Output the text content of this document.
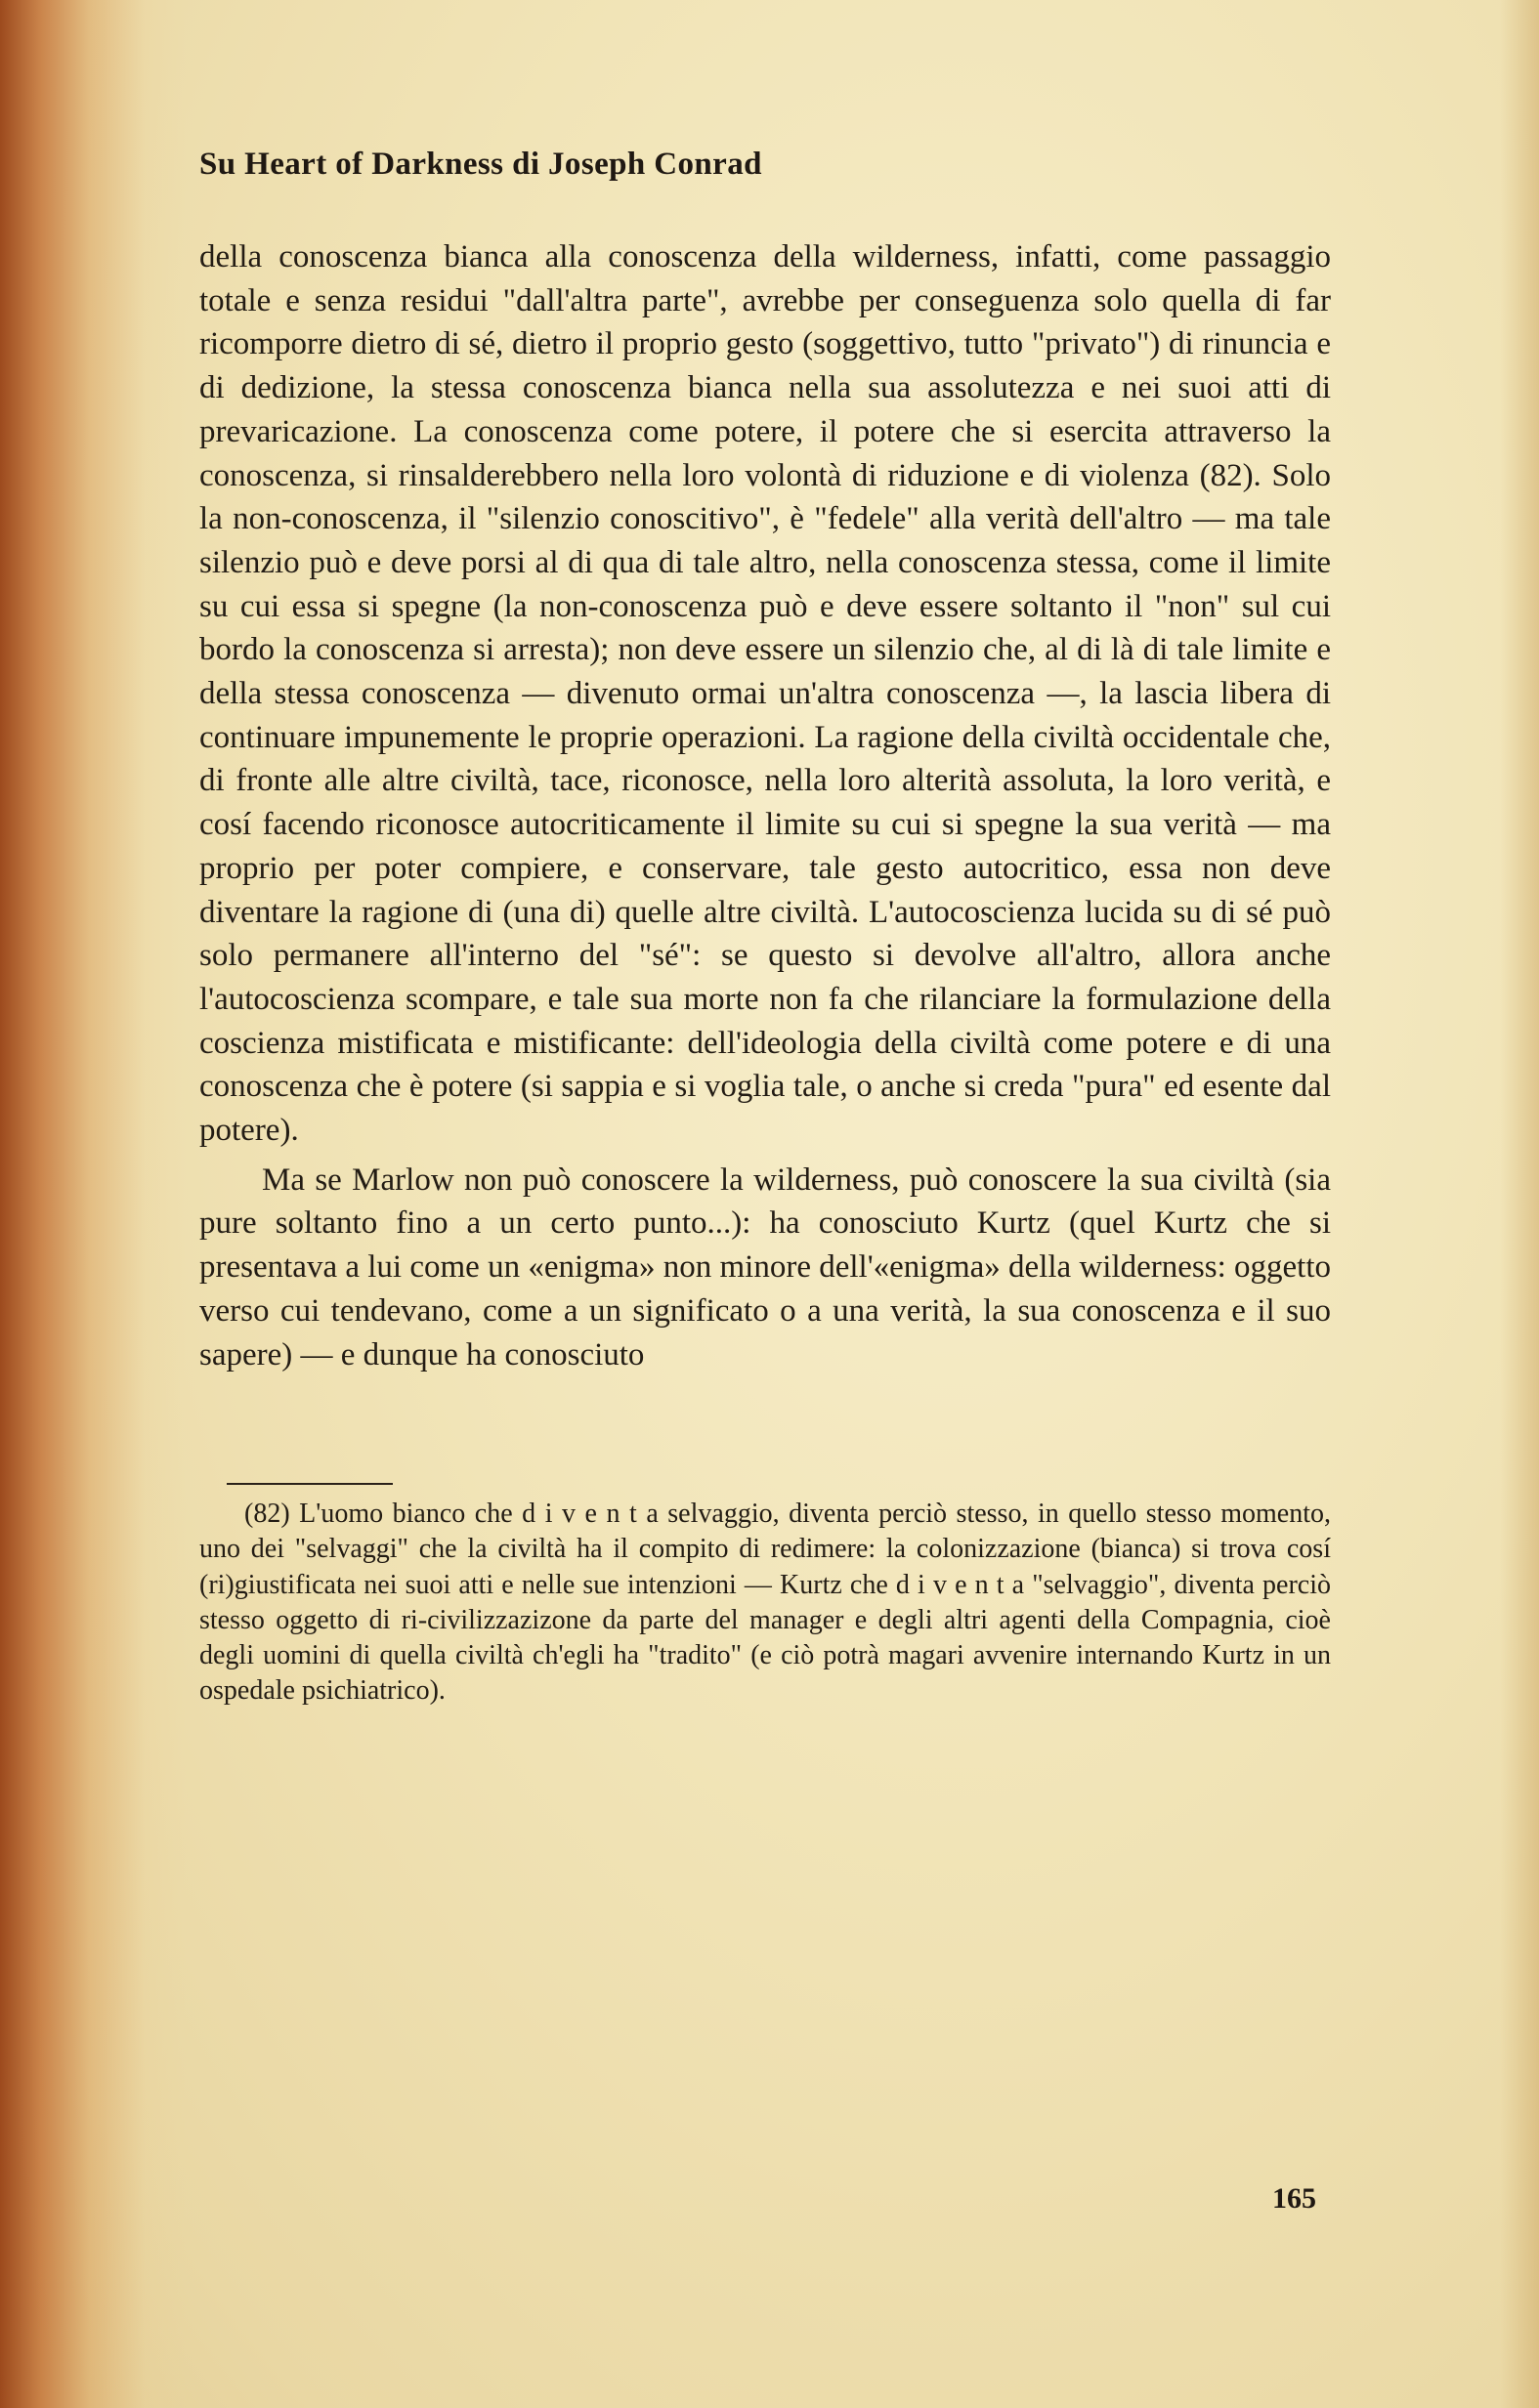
Su Heart of Darkness di Joseph Conrad

della conoscenza bianca alla conoscenza della wilderness, infatti, come passaggio totale e senza residui "dall'altra parte", avrebbe per conseguenza solo quella di far ricomporre dietro di sé, dietro il proprio gesto (soggettivo, tutto "privato") di rinuncia e di dedizione, la stessa conoscenza bianca nella sua assolutezza e nei suoi atti di prevaricazione. La conoscenza come potere, il potere che si esercita attraverso la conoscenza, si rinsalderebbero nella loro volontà di riduzione e di violenza (82). Solo la non-conoscenza, il "silenzio conoscitivo", è "fedele" alla verità dell'altro — ma tale silenzio può e deve porsi al di qua di tale altro, nella conoscenza stessa, come il limite su cui essa si spegne (la non-conoscenza può e deve essere soltanto il "non" sul cui bordo la conoscenza si arresta); non deve essere un silenzio che, al di là di tale limite e della stessa conoscenza — divenuto ormai un'altra conoscenza —, la lascia libera di continuare impunemente le proprie operazioni. La ragione della civiltà occidentale che, di fronte alle altre civiltà, tace, riconosce, nella loro alterità assoluta, la loro verità, e cosí facendo riconosce autocriticamente il limite su cui si spegne la sua verità — ma proprio per poter compiere, e conservare, tale gesto autocritico, essa non deve diventare la ragione di (una di) quelle altre civiltà. L'autocoscienza lucida su di sé può solo permanere all'interno del "sé": se questo si devolve all'altro, allora anche l'autocoscienza scompare, e tale sua morte non fa che rilanciare la formulazione della coscienza mistificata e mistificante: dell'ideologia della civiltà come potere e di una conoscenza che è potere (si sappia e si voglia tale, o anche si creda "pura" ed esente dal potere).

Ma se Marlow non può conoscere la wilderness, può conoscere la sua civiltà (sia pure soltanto fino a un certo punto...): ha conosciuto Kurtz (quel Kurtz che si presentava a lui come un «enigma» non minore dell'«enigma» della wilderness: oggetto verso cui tendevano, come a un significato o a una verità, la sua conoscenza e il suo sapere) — e dunque ha conosciuto

(82) L'uomo bianco che d i v e n t a selvaggio, diventa perciò stesso, in quello stesso momento, uno dei "selvaggi" che la civiltà ha il compito di redimere: la colonizzazione (bianca) si trova cosí (ri)giustificata nei suoi atti e nelle sue intenzioni — Kurtz che d i v e n t a "selvaggio", diventa perciò stesso oggetto di ri-civilizzazizone da parte del manager e degli altri agenti della Compagnia, cioè degli uomini di quella civiltà ch'egli ha "tradito" (e ciò potrà magari avvenire internando Kurtz in un ospedale psichiatrico).

165
